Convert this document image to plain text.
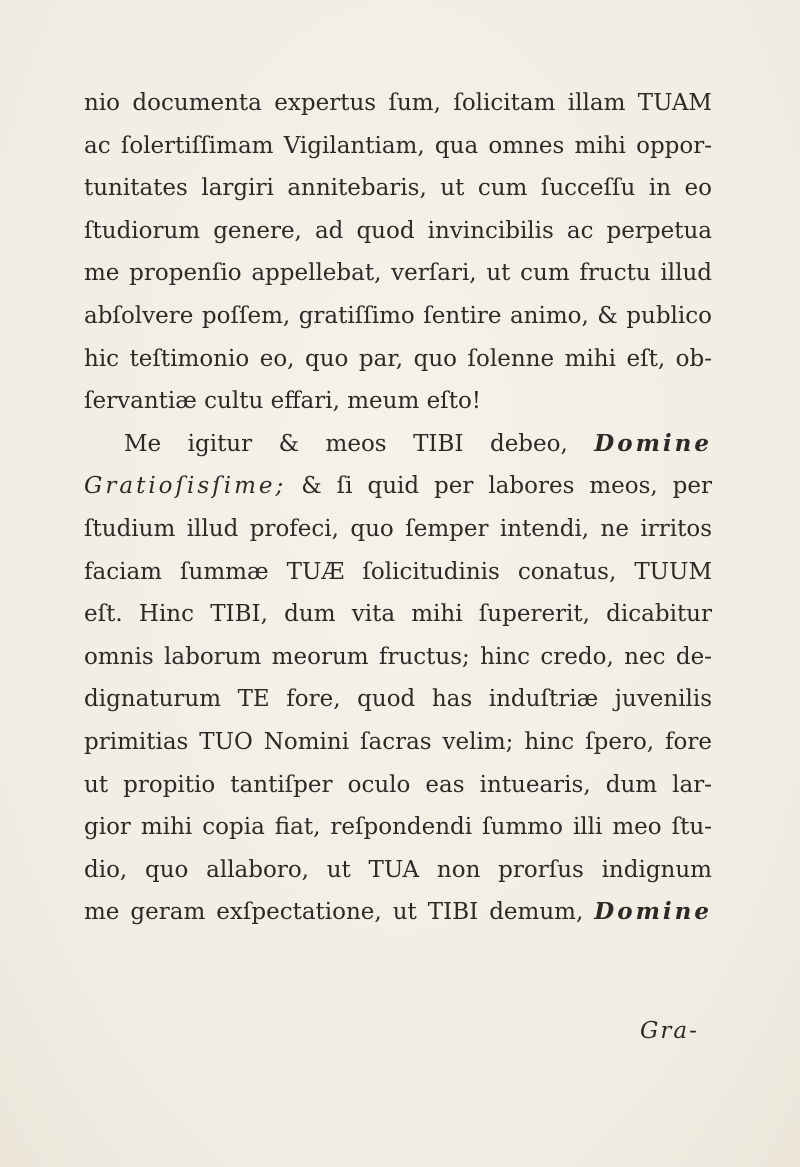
nio documenta expertus ſum, ſolicitam illam TUAM
ac ſolertiſſimam Vigilantiam, qua omnes mihi oppor-
tunitates largiri annitebaris, ut cum ſucceſſu in eo
ſtudiorum genere, ad quod invincibilis ac perpetua
me propenſio appellebat, verſari, ut cum fructu illud
abſolvere poſſem, gratiſſimo ſentire animo, & publico
hic teſtimonio eo, quo par, quo ſolenne mihi eſt, ob-
ſervantiæ cultu effari, meum eſto!
Me igitur & meos TIBI debeo, Domine
Gratioſisſime; & ſi quid per labores meos, per
ſtudium illud profeci, quo ſemper intendi, ne irritos
faciam ſummæ TUÆ ſolicitudinis conatus, TUUM
eſt. Hinc TIBI, dum vita mihi ſupererit, dicabitur
omnis laborum meorum fructus; hinc credo, nec de-
dignaturum TE fore, quod has induſtriæ juvenilis
primitias TUO Nomini ſacras velim; hinc ſpero, fore
ut propitio tantiſper oculo eas intuearis, dum lar-
gior mihi copia fiat, reſpondendi ſummo illi meo ſtu-
dio, quo allaboro, ut TUA non prorſus indignum
me geram exſpectatione, ut TIBI demum, Domine
Gra-
